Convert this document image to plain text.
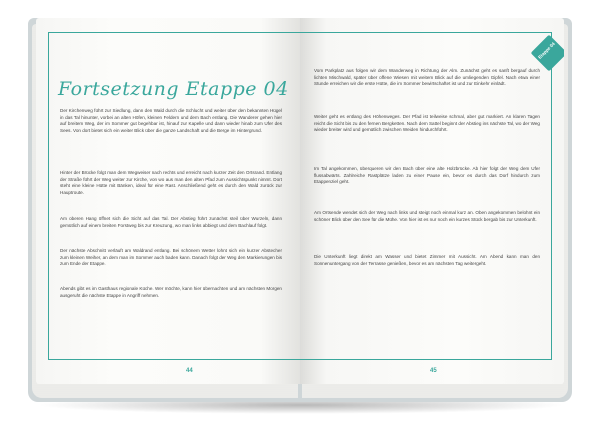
Fortsetzung Etappe 04
Der Kirchenweg führt zur Siedlung, dann den Wald durch die Schlucht und weiter über den bekannten Hügel in das Tal hinunter, vorbei an alten Höfen, kleinen Feldern und dem Bach entlang. Die Wanderer gehen hier auf breitem Weg, der im Sommer gut begehbar ist, hinauf zur Kapelle und dann wieder hinab zum Ufer des Sees. Von dort bietet sich ein weiter Blick über die ganze Landschaft und die Berge im Hintergrund.
Hinter der Brücke folgt man dem Wegweiser nach rechts und erreicht nach kurzer Zeit den Ortsrand. Entlang der Straße führt der Weg weiter zur Kirche, von wo aus man den alten Pfad zum Aussichtspunkt nimmt. Dort steht eine kleine Hütte mit Bänken, ideal für eine Rast. Anschließend geht es durch den Wald zurück zur Hauptroute.
Am oberen Hang öffnet sich die Sicht auf das Tal. Der Abstieg führt zunächst steil über Wurzeln, dann gemütlich auf einem breiten Forstweg bis zur Kreuzung, wo man links abbiegt und dem Bachlauf folgt.
Der nächste Abschnitt verläuft am Waldrand entlang. Bei schönem Wetter lohnt sich ein kurzer Abstecher zum kleinen Weiher, an dem man im Sommer auch baden kann. Danach folgt der Weg den Markierungen bis zum Ende der Etappe.
Abends gibt es im Gasthaus regionale Küche. Wer möchte, kann hier übernachten und am nächsten Morgen ausgeruht die nächste Etappe in Angriff nehmen.
44
Etappe 04
Vom Parkplatz aus folgen wir dem Wanderweg in Richtung der Alm. Zunächst geht es sanft bergauf durch lichten Mischwald, später über offene Wiesen mit weitem Blick auf die umliegenden Gipfel. Nach etwa einer Stunde erreichen wir die erste Hütte, die im Sommer bewirtschaftet ist und zur Einkehr einlädt.
Weiter geht es entlang des Höhenweges. Der Pfad ist teilweise schmal, aber gut markiert. An klaren Tagen reicht die Sicht bis zu den fernen Bergketten. Nach dem Sattel beginnt der Abstieg ins nächste Tal, wo der Weg wieder breiter wird und gemütlich zwischen Weiden hindurchführt.
Im Tal angekommen, überqueren wir den Bach über eine alte Holzbrücke. Ab hier folgt der Weg dem Ufer flussabwärts. Zahlreiche Rastplätze laden zu einer Pause ein, bevor es durch das Dorf hindurch zum Etappenziel geht.
Am Ortsende wendet sich der Weg nach links und steigt noch einmal kurz an. Oben angekommen belohnt ein schöner Blick über den See für die Mühe. Von hier ist es nur noch ein kurzes Stück bergab bis zur Unterkunft.
Die Unterkunft liegt direkt am Wasser und bietet Zimmer mit Aussicht. Am Abend kann man den Sonnenuntergang von der Terrasse genießen, bevor es am nächsten Tag weitergeht.
45
